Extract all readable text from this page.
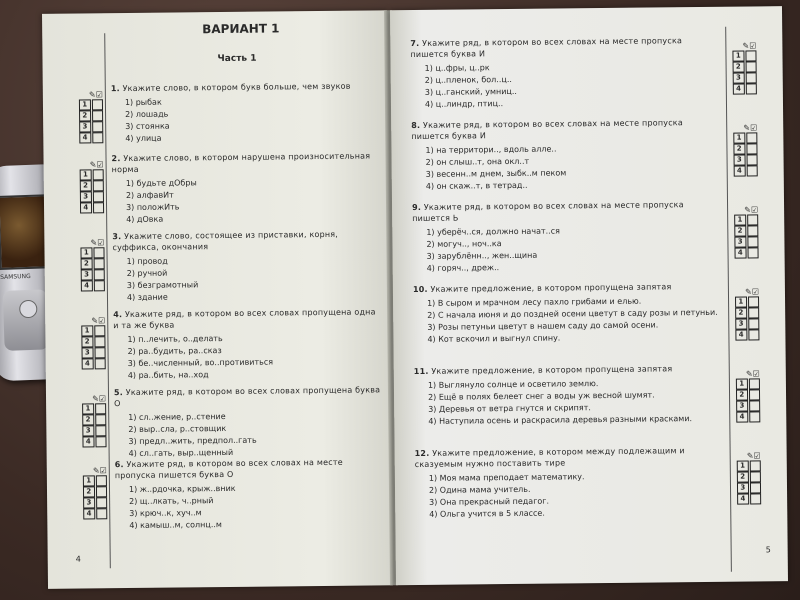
SAMSUNG
ВАРИАНТ 1
Часть 1
1. Укажите слово, в котором букв больше, чем звуков
1) рыбак
2) лошадь
3) стоянка
4) улица
✎☑
1
2
3
4
2. Укажите слово, в котором нарушена произносительная норма
1) будьте дОбры
2) алфавИт
3) положИть
4) дОвка
✎☑
1
2
3
4
3. Укажите слово, состоящее из приставки, корня, суффикса, окончания
1) провод
2) ручной
3) безграмотный
4) здание
✎☑
1
2
3
4
4. Укажите ряд, в котором во всех словах пропущена одна и та же буква
1) п..лечить, о..делать
2) ра..будить, ра..сказ
3) бе..численный, во..противиться
4) ра..бить, на..ход
✎☑
1
2
3
4
5. Укажите ряд, в котором во всех словах пропущена буква О
1) сл..жение, р..стение
2) выр..сла, р..стовщик
3) предл..жить, предпол..гать
4) сл..гать, выр..щенный
✎☑
1
2
3
4
6. Укажите ряд, в котором во всех словах на месте пропуска пишется буква О
1) ж..рдочка, крыж..вник
2) щ..лкать, ч..рный
3) крюч..к, хуч..м
4) камыш..м, солнц..м
✎☑
1
2
3
4
4
7. Укажите ряд, в котором во всех словах на месте пропуска пишется буква И
1) ц..фры, ц..рк
2) ц..пленок, бол..ц..
3) ц..ганский, умниц..
4) ц..линдр, птиц..
✎☑
1
2
3
4
8. Укажите ряд, в котором во всех словах на месте пропуска пишется буква И
1) на территори.., вдоль алле..
2) он слыш..т, она окл..т
3) весенн..м днем, зыбк..м пеком
4) он скаж..т, в тетрад..
✎☑
1
2
3
4
9. Укажите ряд, в котором во всех словах на месте пропуска пишется Ь
1) уберёч..ся, должно начат..ся
2) могуч.., ноч..ка
3) зарублённ.., жен..щина
4) горяч.., дреж..
✎☑
1
2
3
4
10. Укажите предложение, в котором пропущена запятая
1) В сыром и мрачном лесу пахло грибами и елью.
2) С начала июня и до поздней осени цветут в саду розы и петуньи.
3) Розы петуньи цветут в нашем саду до самой осени.
4) Кот вскочил и выгнул спину.
✎☑
1
2
3
4
11. Укажите предложение, в котором пропущена запятая
1) Выглянуло солнце и осветило землю.
2) Ещё в полях белеет снег а воды уж весной шумят.
3) Деревья от ветра гнутся и скрипят.
4) Наступила осень и раскрасила деревья разными красками.
✎☑
1
2
3
4
12. Укажите предложение, в котором между подлежащим и сказуемым нужно поставить тире
1) Моя мама преподает математику.
2) Одина мама учитель.
3) Она прекрасный педагог.
4) Ольга учится в 5 классе.
✎☑
1
2
3
4
5
